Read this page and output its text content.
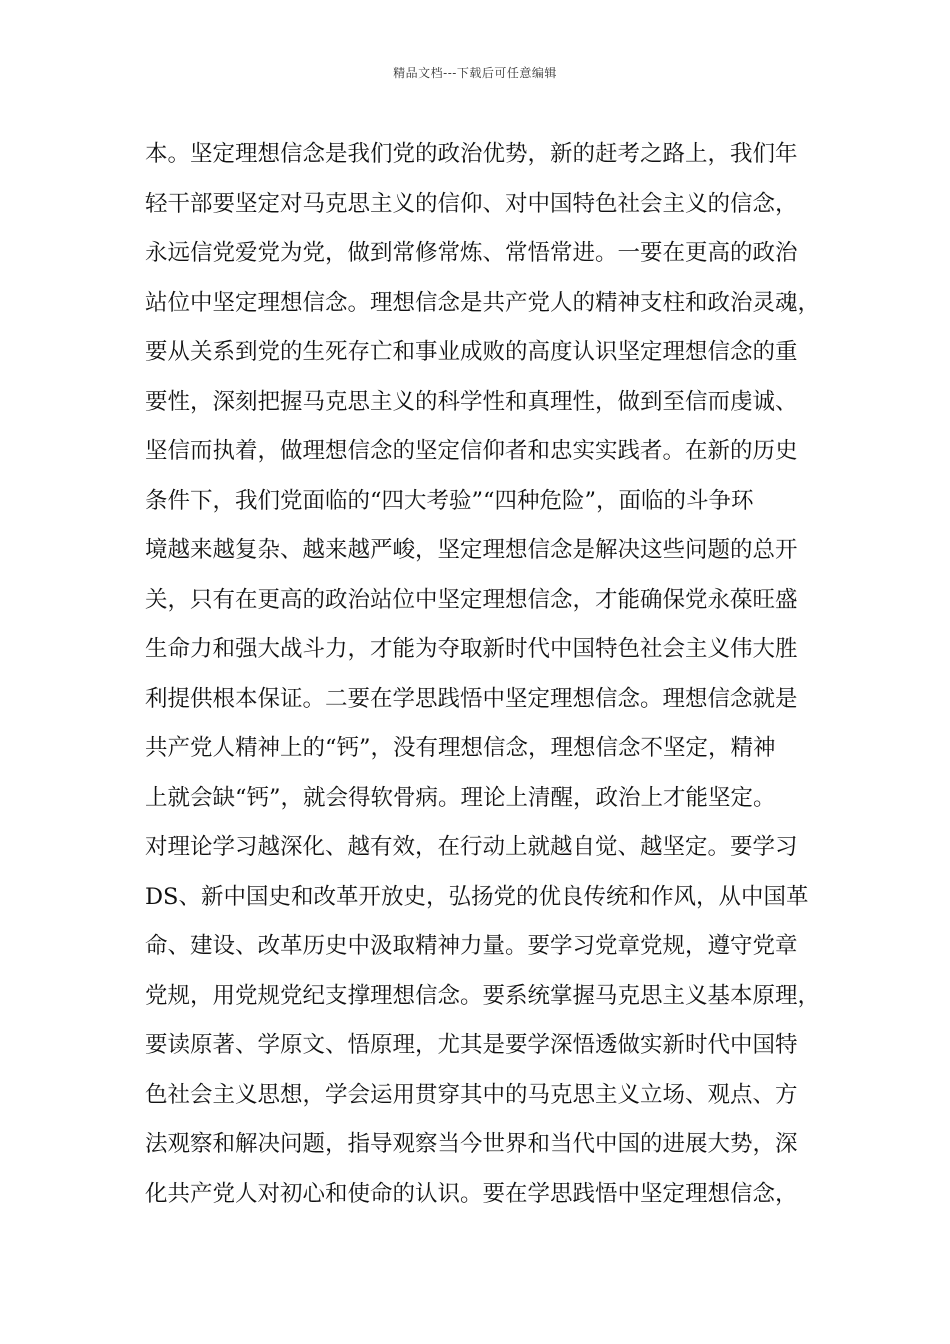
精品文档---下载后可任意编辑
本。坚定理想信念是我们党的政治优势，新的赶考之路上，我们年
轻干部要坚定对马克思主义的信仰、对中国特色社会主义的信念，
永远信党爱党为党，做到常修常炼、常悟常进。一要在更高的政治
站位中坚定理想信念。理想信念是共产党人的精神支柱和政治灵魂，
要从关系到党的生死存亡和事业成败的高度认识坚定理想信念的重
要性，深刻把握马克思主义的科学性和真理性，做到至信而虔诚、
坚信而执着，做理想信念的坚定信仰者和忠实实践者。在新的历史
条件下，我们党面临的“四大考验”“四种危险”，面临的斗争环
境越来越复杂、越来越严峻，坚定理想信念是解决这些问题的总开
关，只有在更高的政治站位中坚定理想信念，才能确保党永葆旺盛
生命力和强大战斗力，才能为夺取新时代中国特色社会主义伟大胜
利提供根本保证。二要在学思践悟中坚定理想信念。理想信念就是
共产党人精神上的“钙”，没有理想信念，理想信念不坚定，精神
上就会缺“钙”，就会得软骨病。理论上清醒，政治上才能坚定。
对理论学习越深化、越有效，在行动上就越自觉、越坚定。要学习
DS、新中国史和改革开放史，弘扬党的优良传统和作风，从中国革
命、建设、改革历史中汲取精神力量。要学习党章党规，遵守党章
党规，用党规党纪支撑理想信念。要系统掌握马克思主义基本原理，
要读原著、学原文、悟原理，尤其是要学深悟透做实新时代中国特
色社会主义思想，学会运用贯穿其中的马克思主义立场、观点、方
法观察和解决问题，指导观察当今世界和当代中国的进展大势，深
化共产党人对初心和使命的认识。要在学思践悟中坚定理想信念，
